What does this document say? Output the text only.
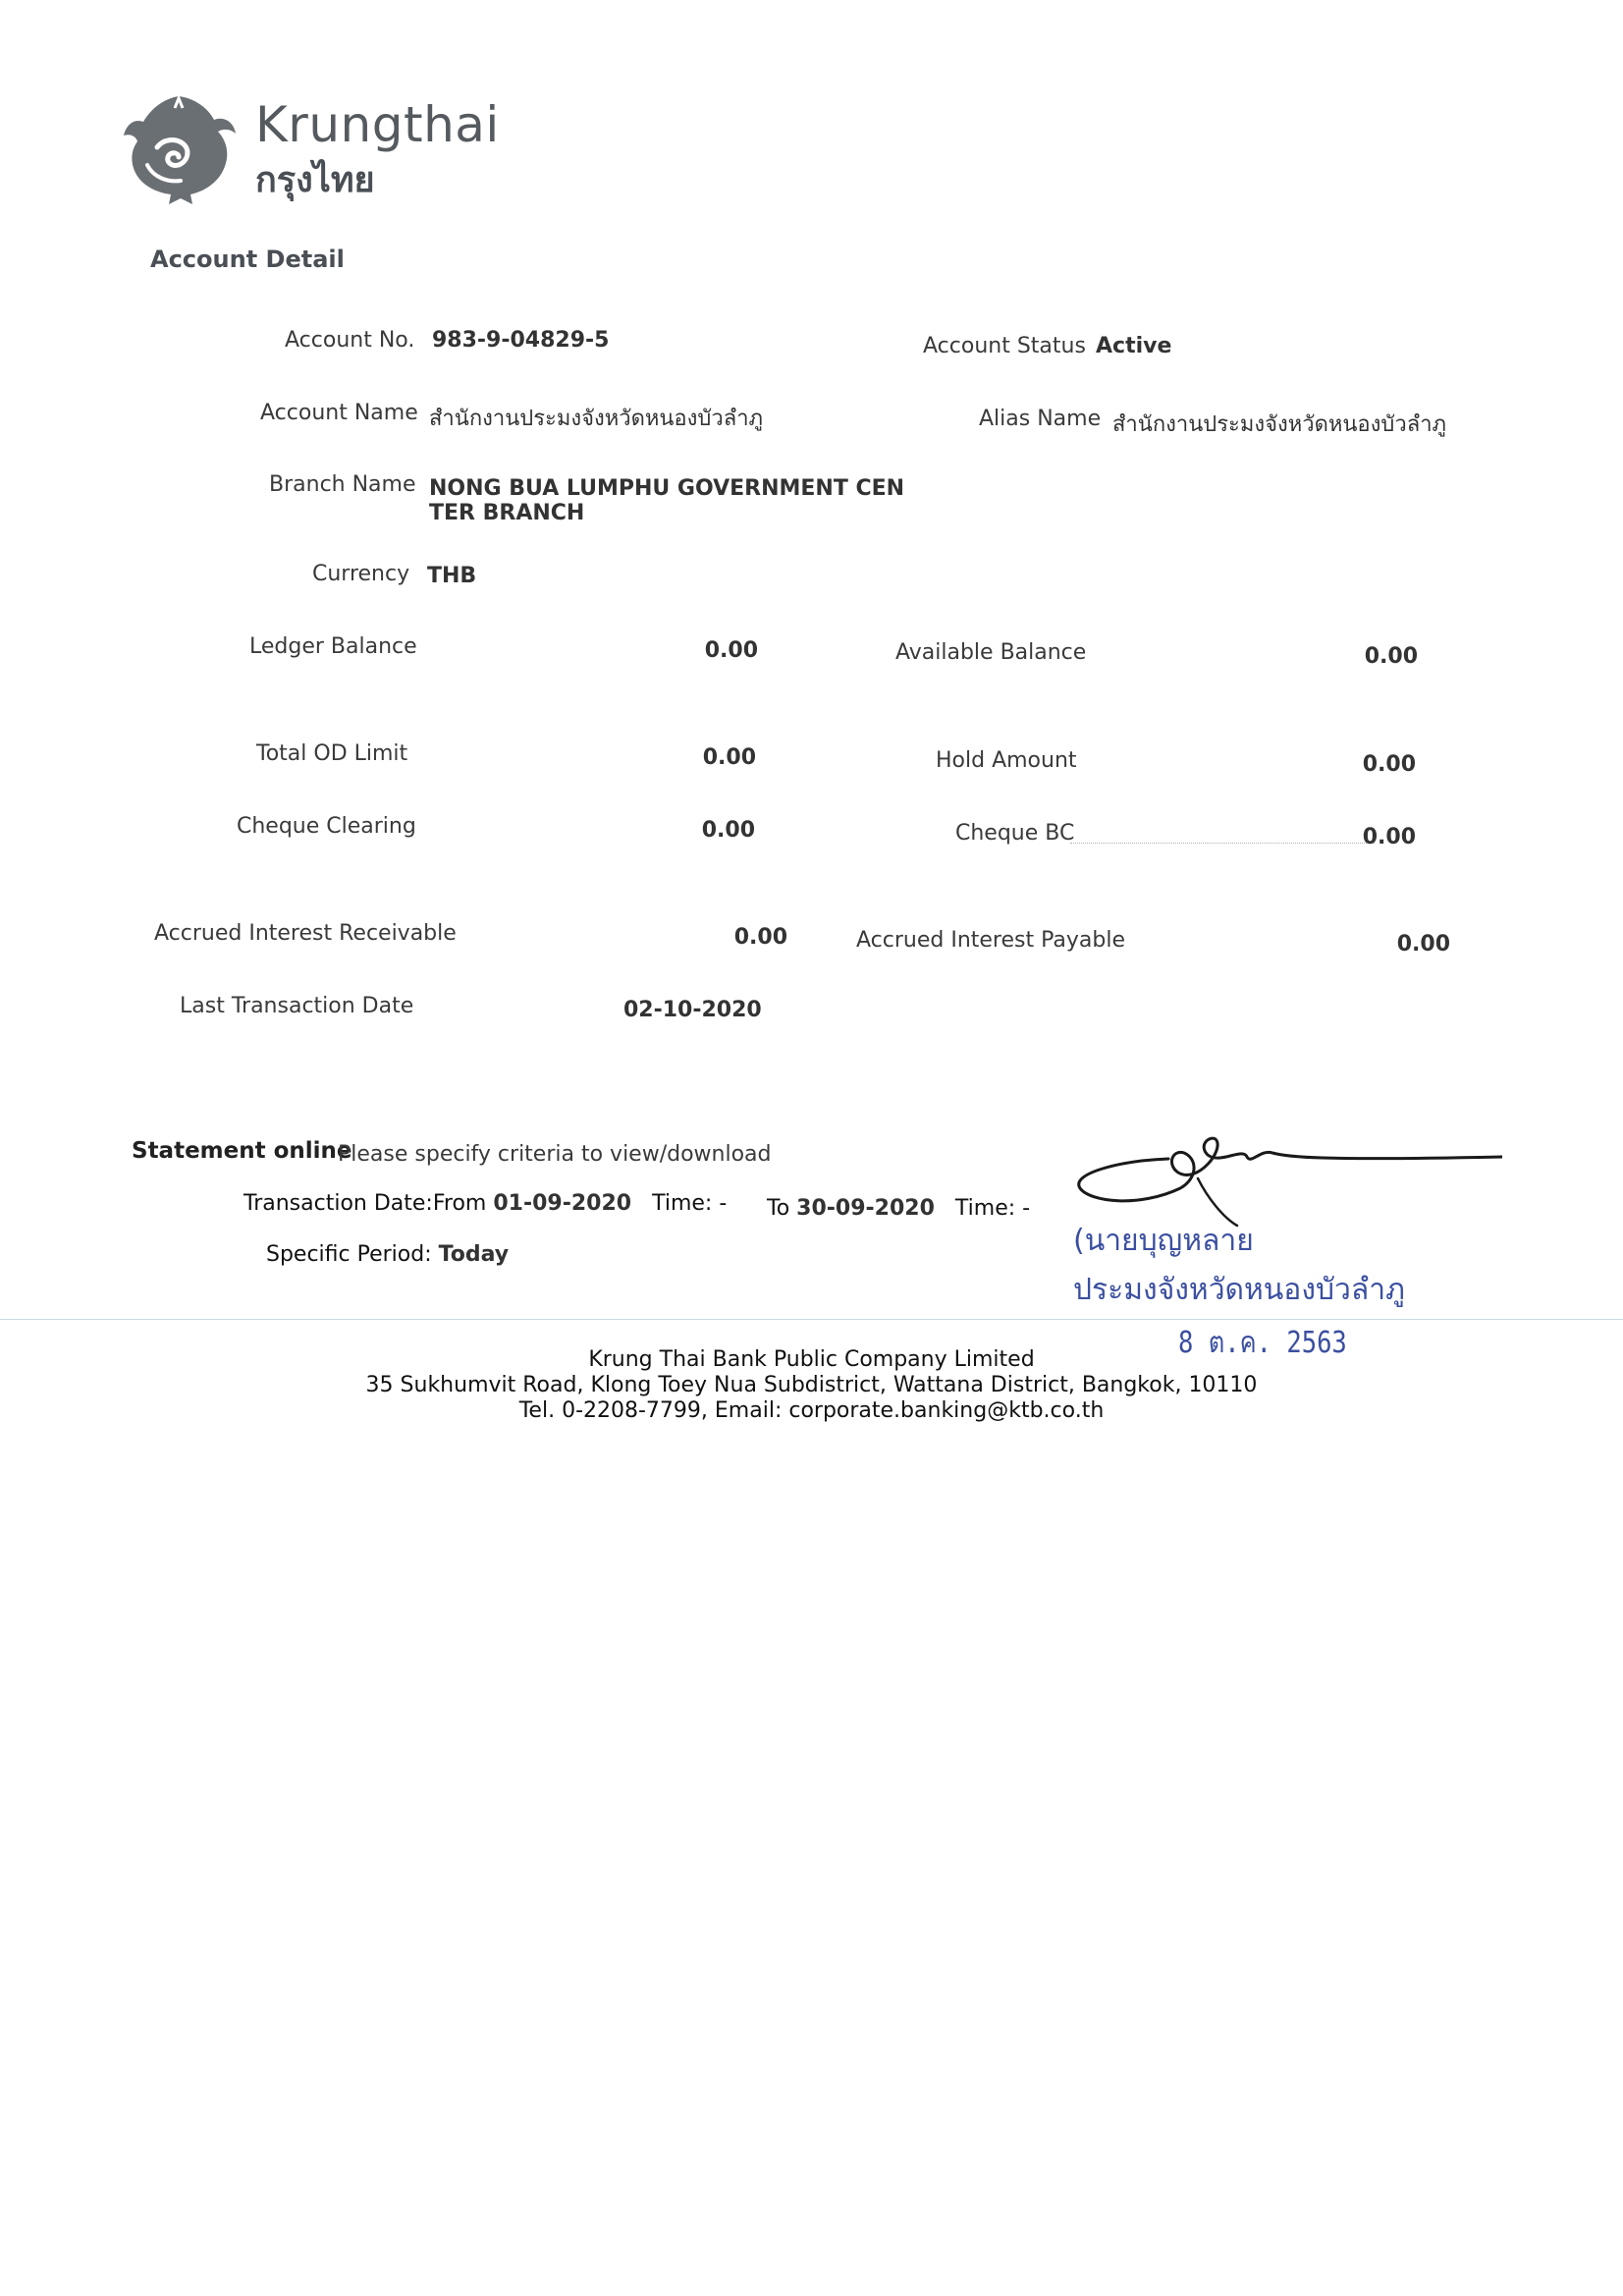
Krungthai
กรุงไทย
Account Detail
Account No. 983-9-04829-5	Account Status Active
Account Name สำนักงานประมงจังหวัดหนองบัวลำภู	Alias Name สำนักงานประมงจังหวัดหนองบัวลำภู
Branch Name NONG BUA LUMPHU GOVERNMENT CEN
TER BRANCH
Currency THB
Ledger Balance	0.00	Available Balance	0.00
Total OD Limit	0.00	Hold Amount	0.00
Cheque Clearing	0.00	Cheque BC	0.00
Accrued Interest Receivable	0.00	Accrued Interest Payable	0.00
Last Transaction Date	02-10-2020
Statement online
Please specify criteria to view/download
Transaction Date:From 01-09-2020 Time: - To 30-09-2020 Time: -
Specific Period: Today	(นายบุญหลาย
ประมงจังหวัดหนองบัวลำภู
8 ต.ค. 2563
Krung Thai Bank Public Company Limited
35 Sukhumvit Road, Klong Toey Nua Subdistrict, Wattana District, Bangkok, 10110
Tel. 0-2208-7799, Email: corporate.banking@ktb.co.th
